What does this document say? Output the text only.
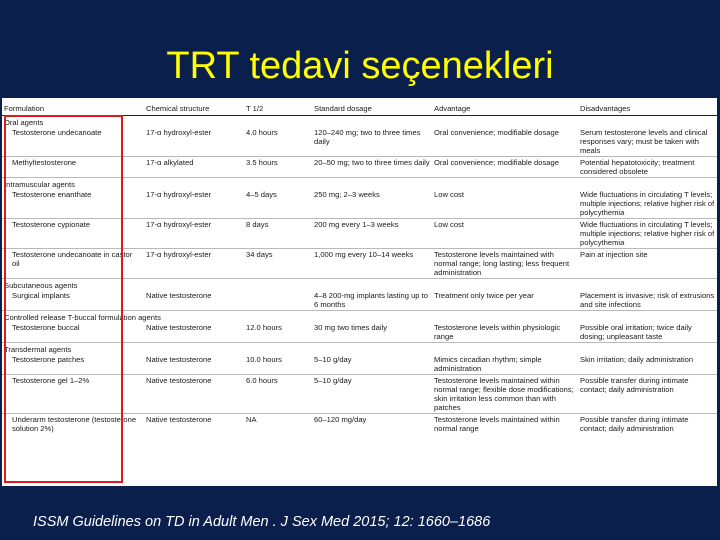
TRT tedavi seçenekleri
Formulation	Chemical structure	T 1/2	Standard dosage	Advantage	Disadvantages
Oral agents					
Testosterone undecanoate	17-α hydroxyl-ester	4.0 hours	120–240 mg; two to three times daily	Oral convenience; modifiable dosage	Serum testosterone levels and clinical responses vary; must be taken with meals
Methyltestosterone	17-α alkylated	3.5 hours	20–50 mg; two to three times daily	Oral convenience; modifiable dosage	Potential hepatotoxicity; treatment considered obsolete
Intramuscular agents					
Testosterone enanthate	17-α hydroxyl-ester	4–5 days	250 mg; 2–3 weeks	Low cost	Wide fluctuations in circulating T levels; multiple injections; relative higher risk of polycythemia
Testosterone cypionate	17-α hydroxyl-ester	8 days	200 mg every 1–3 weeks	Low cost	Wide fluctuations in circulating T levels; multiple injections; relative higher risk of polycythemia
Testosterone undecanoate in castor oil	17-α hydroxyl-ester	34 days	1,000 mg every 10–14 weeks	Testosterone levels maintained with normal range; long lasting; less frequent administration	Pain at injection site
Subcutaneous agents					
Surgical implants	Native testosterone		4–8 200-mg implants lasting up to 6 months	Treatment only twice per year	Placement is invasive; risk of extrusions and site infections
Controlled release T-buccal formulation agents					
Testosterone buccal	Native testosterone	12.0 hours	30 mg two times daily	Testosterone levels within physiologic range	Possible oral irritation; twice daily dosing; unpleasant taste
Transdermal agents					
Testosterone patches	Native testosterone	10.0 hours	5–10 g/day	Mimics circadian rhythm; simple administration	Skin irritation; daily administration
Testosterone gel 1–2%	Native testosterone	6.0 hours	5–10 g/day	Testosterone levels maintained within normal range; flexible dose modifications; skin irritation less common than with patches	Possible transfer during intimate contact; daily administration
Underarm testosterone (testosterone solution 2%)	Native testosterone	NA	60–120 mg/day	Testosterone levels maintained within normal range	Possible transfer during intimate contact; daily administration
ISSM Guidelines on TD in Adult Men . J Sex Med 2015; 12: 1660–1686
